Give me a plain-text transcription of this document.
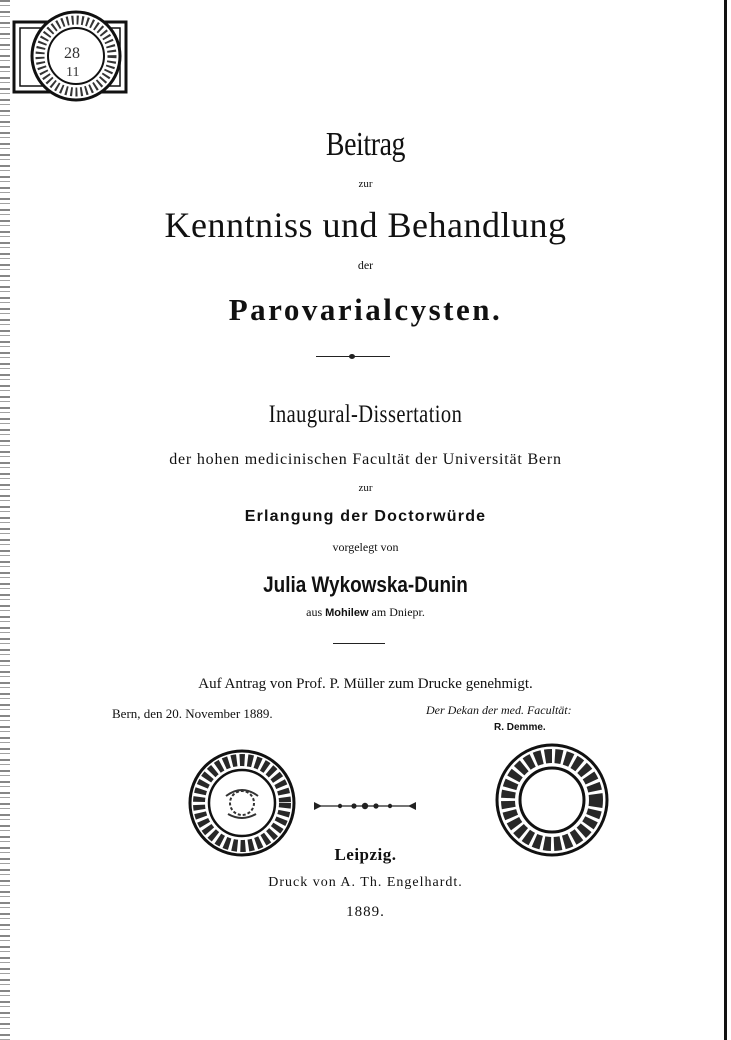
28
11
Beitrag
zur
Kenntniss und Behandlung
der
Parovarialcysten.
Inaugural-Dissertation
der hohen medicinischen Facultät der Universität Bern
zur
Erlangung der Doctorwürde
vorgelegt von
Julia Wykowska-Dunin
aus Mohilew am Dniepr.
Auf Antrag von Prof. P. Müller zum Drucke genehmigt.
Bern, den 20. November 1889.	Der Dekan der med. Facultät:
R. Demme.
Leipzig.
Druck von A. Th. Engelhardt.
1889.
